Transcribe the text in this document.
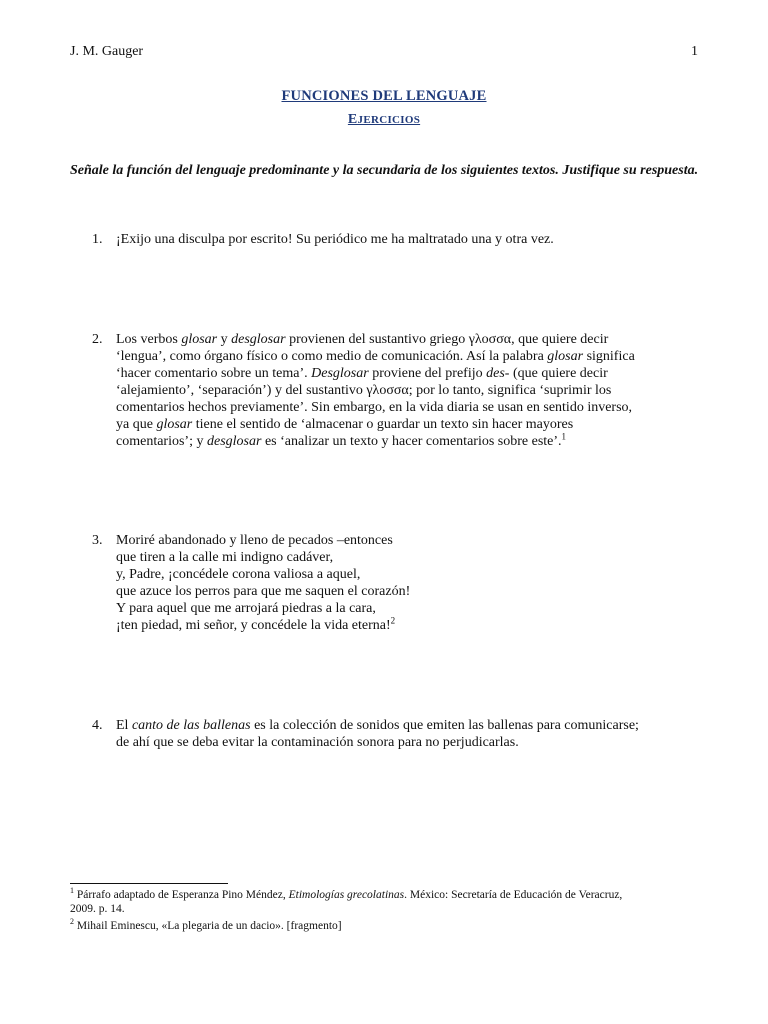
J. M. Gauger	1
FUNCIONES DEL LENGUAJE
EJERCICIOS
Señale la función del lenguaje predominante y la secundaria de los siguientes textos. Justifique su respuesta.
1. ¡Exijo una disculpa por escrito! Su periódico me ha maltratado una y otra vez.
2. Los verbos glosar y desglosar provienen del sustantivo griego γλοσσα, que quiere decir
‘lengua’, como órgano físico o como medio de comunicación. Así la palabra glosar significa
‘hacer comentario sobre un tema’. Desglosar proviene del prefijo des- (que quiere decir
‘alejamiento’, ‘separación’) y del sustantivo γλοσσα; por lo tanto, significa ‘suprimir los
comentarios hechos previamente’. Sin embargo, en la vida diaria se usan en sentido inverso,
ya que glosar tiene el sentido de ‘almacenar o guardar un texto sin hacer mayores
comentarios’; y desglosar es ‘analizar un texto y hacer comentarios sobre este’.$^1$
3. Moriré abandonado y lleno de pecados –entonces
que tiren a la calle mi indigno cadáver,
y, Padre, ¡concédele corona valiosa a aquel,
que azuce los perros para que me saquen el corazón!
Y para aquel que me arrojará piedras a la cara,
¡ten piedad, mi señor, y concédele la vida eterna!$^2$
4. El canto de las ballenas es la colección de sonidos que emiten las ballenas para comunicarse;
de ahí que se deba evitar la contaminación sonora para no perjudicarlas.
$^1$ Párrafo adaptado de Esperanza Pino Méndez, Etimologías grecolatinas. México: Secretaría de Educación de Veracruz,
2009. p. 14.
$^2$ Mihail Eminescu, «La plegaria de un dacio». [fragmento]
